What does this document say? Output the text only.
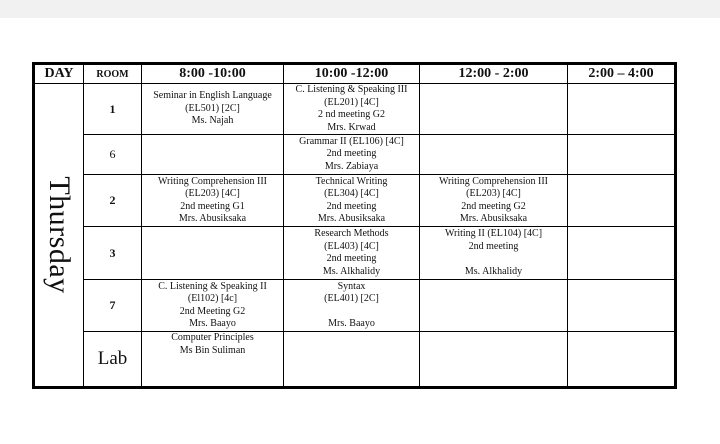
DAY	ROOM	8:00 -10:00	10:00 -12:00	12:00 - 2:00	2:00 – 4:00

Thursday	1	Seminar in English Language
(EL501) [2C]
Ms. Najah	C. Listening & Speaking III
(EL201) [4C]
2 nd meeting G2
Mrs. Krwad		

	6		Grammar II (EL106) [4C]
2nd meeting
Mrs. Zabiaya		

	2	Writing Comprehension III
(EL203) [4C]
2nd meeting G1
Mrs. Abusiksaka	Technical Writing
(EL304) [4C]
2nd meeting
Mrs. Abusiksaka	Writing Comprehension III
(EL203) [4C]
2nd meeting G2
Mrs. Abusiksaka	

	3		Research Methods
(EL403) [4C]
2nd meeting
Ms. Alkhalidy	Writing II (EL104) [4C]
2nd meeting

Ms. Alkhalidy	

	7	C. Listening & Speaking II
(El102) [4c]
2nd Meeting G2
Mrs. Baayo	Syntax
(EL401) [2C]

Mrs. Baayo		

	Lab	Computer Principles
Ms Bin Suliman			
